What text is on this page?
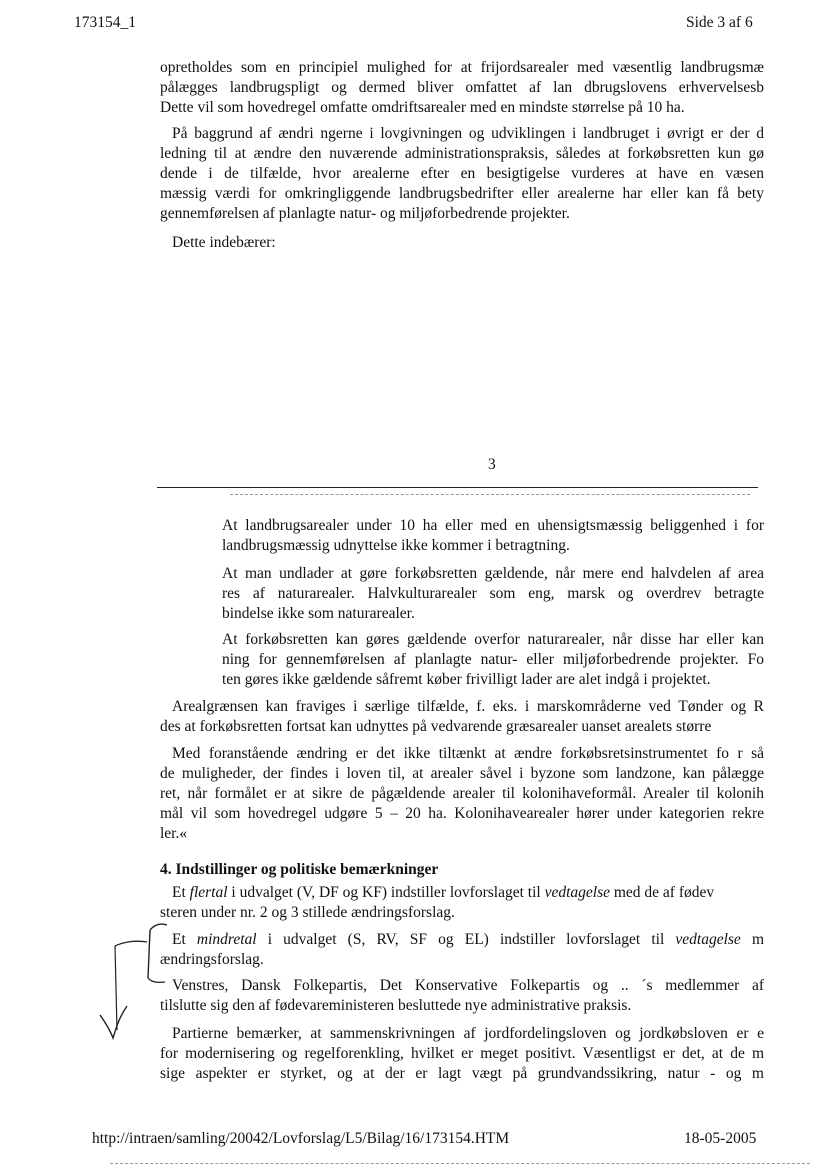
173154_1	Side 3 af 6
opretholdes som en principiel mulighed for at frijordsarealer med væsentlig landbrugsmæ
pålægges landbrugspligt og dermed bliver omfattet af lan dbrugslovens erhvervelsesb
Dette vil som hovedregel omfatte omdriftsarealer med en mindste størrelse på 10 ha.
På baggrund af ændri ngerne i lovgivningen og udviklingen i landbruget i øvrigt er der d
ledning til at ændre den nuværende administrationspraksis, således at forkøbsretten kun gø
dende i de tilfælde, hvor arealerne efter en besigtigelse vurderes at have en væsen
mæssig værdi for omkringliggende landbrugsbedrifter eller arealerne har eller kan få bety
gennemførelsen af planlagte natur- og miljøforbedrende projekter.
Dette indebærer:
3
At landbrugsarealer under 10 ha eller med en uhensigtsmæssig beliggenhed i for
landbrugsmæssig udnyttelse ikke kommer i betragtning.
At man undlader at gøre forkøbsretten gældende, når mere end halvdelen af area
res af naturarealer. Halvkulturarealer som eng, marsk og overdrev betragte
bindelse ikke som naturarealer.
At forkøbsretten kan gøres gældende overfor naturarealer, når disse har eller kan
ning for gennemførelsen af planlagte natur- eller miljøforbedrende projekter. Fo
ten gøres ikke gældende såfremt køber frivilligt lader are alet indgå i projektet.
Arealgrænsen kan fraviges i særlige tilfælde, f. eks. i marskområderne ved Tønder og R
des at forkøbsretten fortsat kan udnyttes på vedvarende græsarealer uanset arealets større
Med foranstående ændring er det ikke tiltænkt at ændre forkøbsretsinstrumentet fo r så
de muligheder, der findes i loven til, at arealer såvel i byzone som landzone, kan pålægge
ret, når formålet er at sikre de pågældende arealer til kolonihaveformål. Arealer til kolonih
mål vil som hovedregel udgøre 5 – 20 ha. Kolonihavearealer hører under kategorien rekre
ler.«
4. Indstillinger og politiske bemærkninger
Et flertal i udvalget (V, DF og KF) indstiller lovforslaget til vedtagelse med de af fødev
steren under nr. 2 og 3 stillede ændringsforslag.
Et mindretal i udvalget (S, RV, SF og EL) indstiller lovforslaget til vedtagelse m
ændringsforslag.
Venstres, Dansk Folkepartis, Det Konservative Folkepartis og .. ´s medlemmer af
tilslutte sig den af fødevareministeren besluttede nye administrative praksis.
Partierne bemærker, at sammenskrivningen af jordfordelingsloven og jordkøbsloven er e
for modernisering og regelforenkling, hvilket er meget positivt. Væsentligst er det, at de m
sige aspekter er styrket, og at der er lagt vægt på grundvandssikring, natur - og m
http://intraen/samling/20042/Lovforslag/L5/Bilag/16/173154.HTM	18-05-2005
